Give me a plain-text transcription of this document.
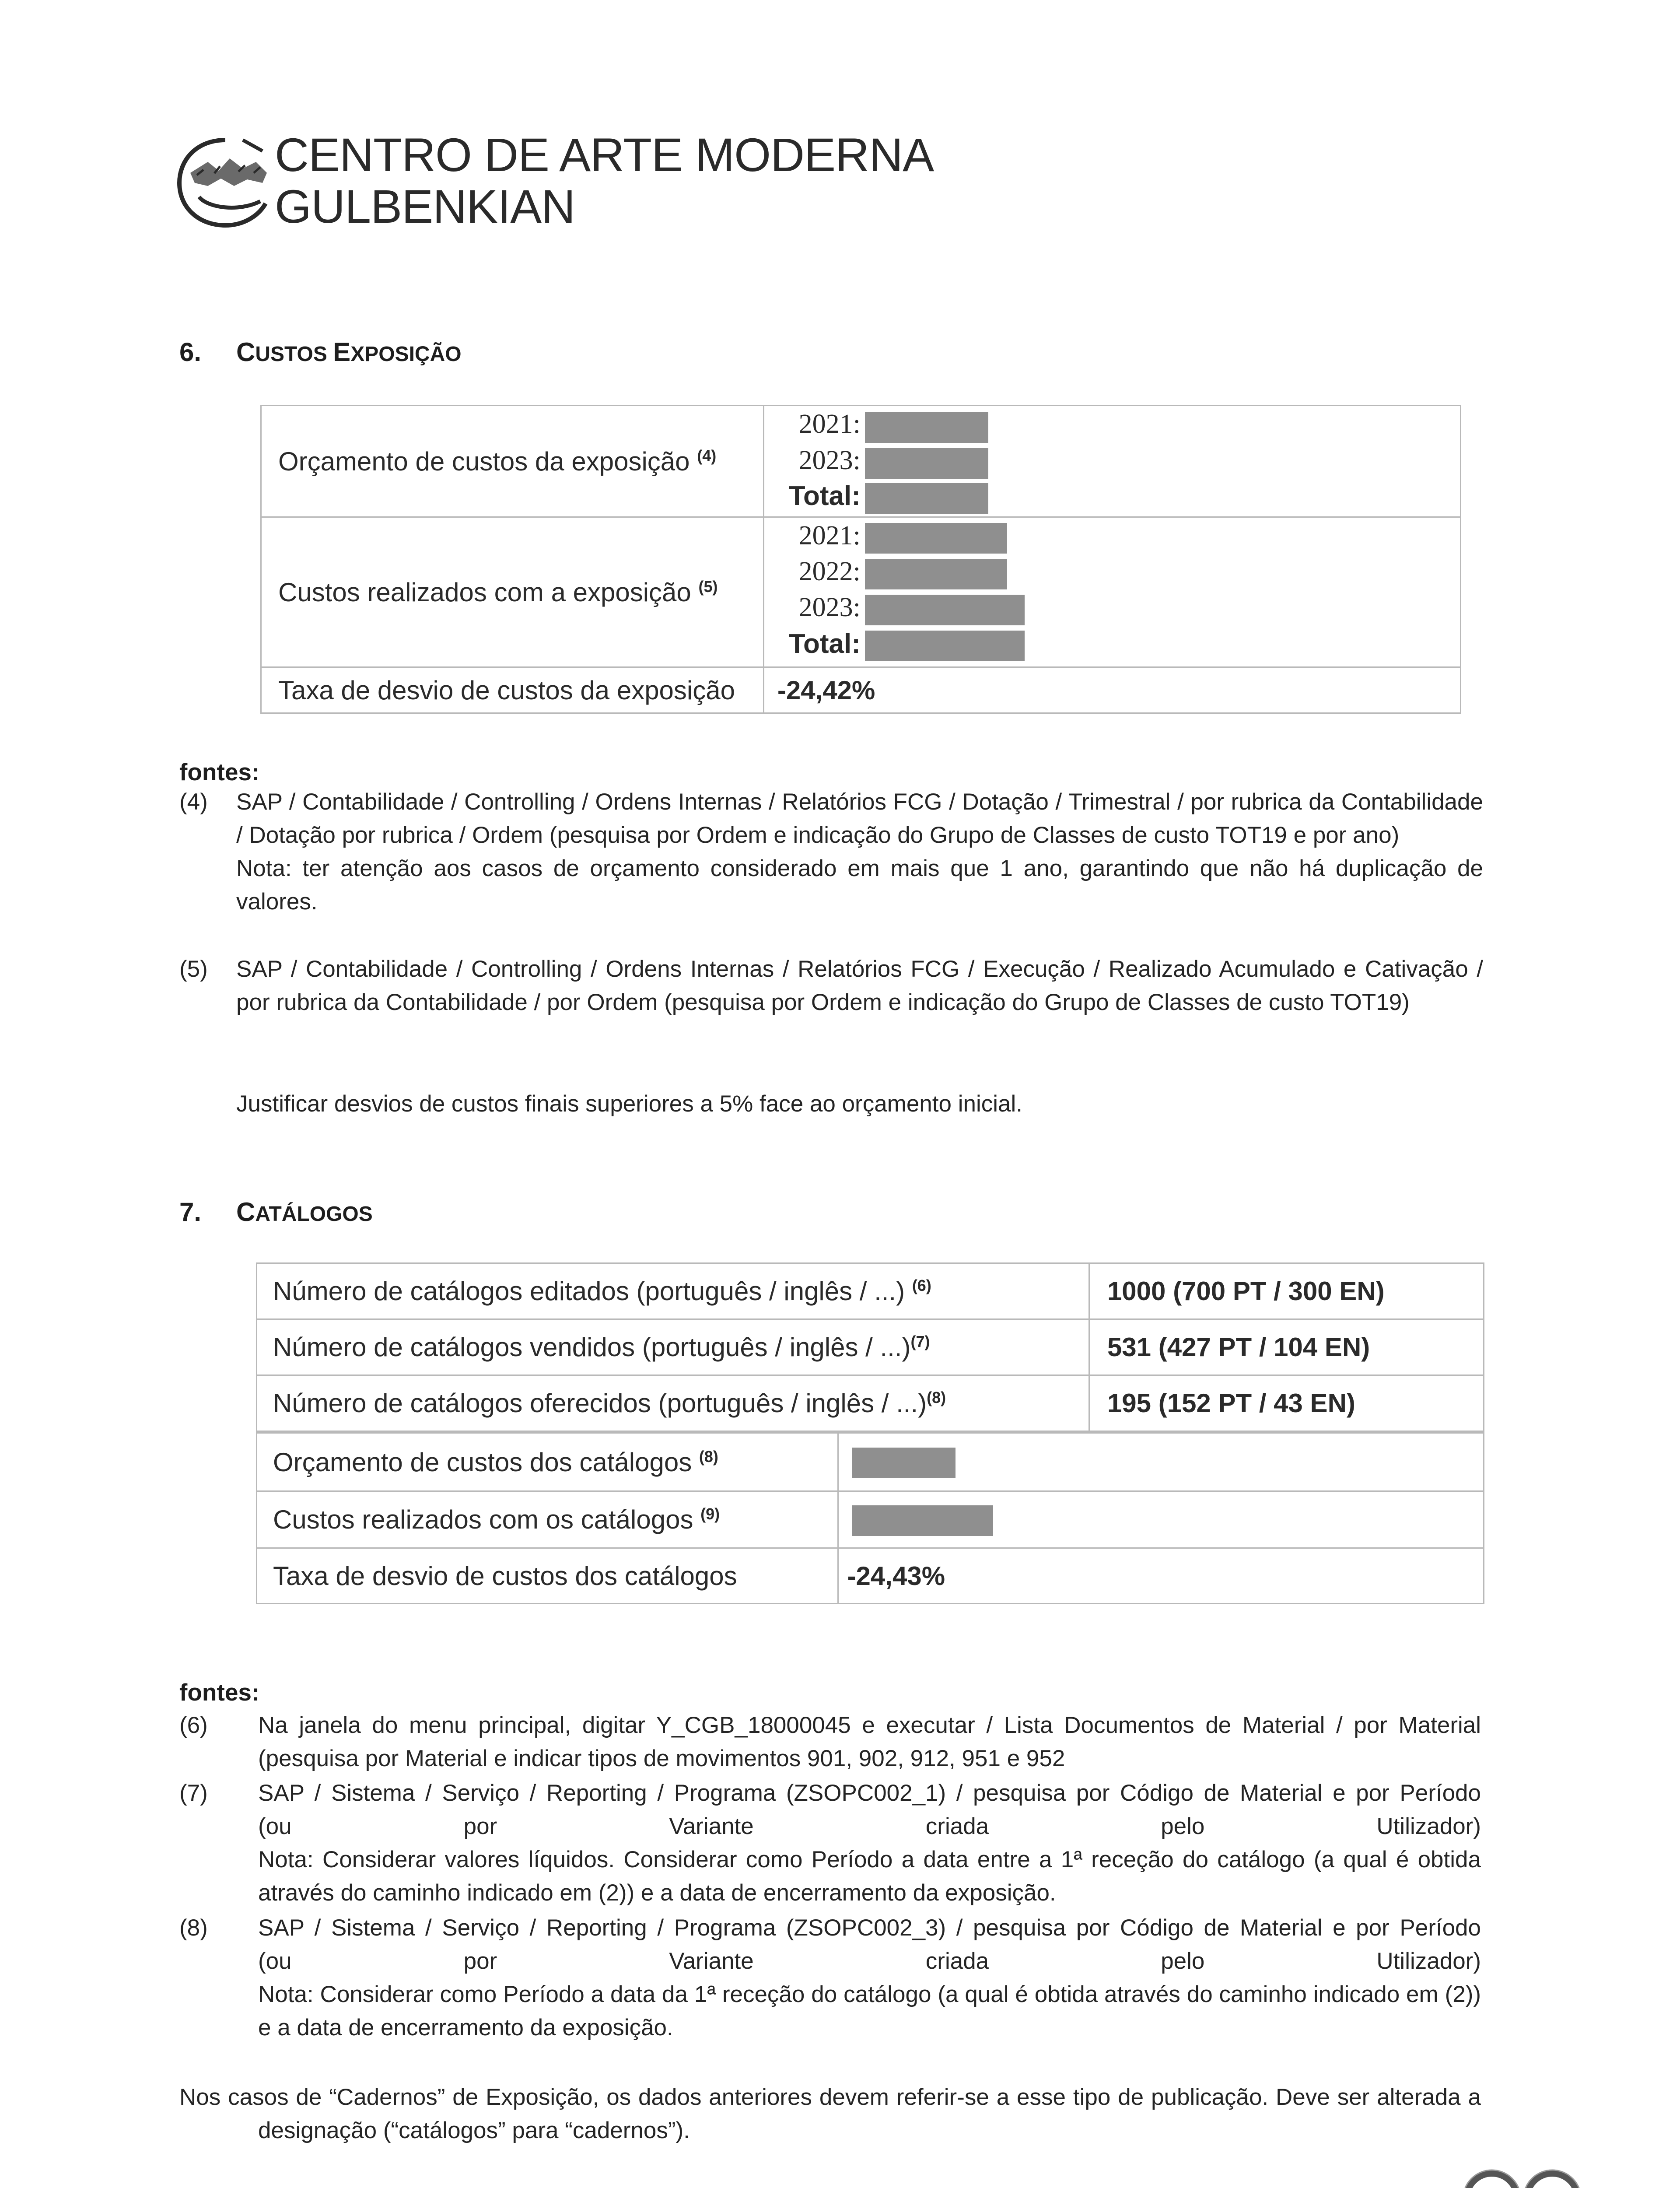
CENTRO DE ARTE MODERNA
GULBENKIAN
6. CUSTOS EXPOSIÇÃO
Orçamento de custos da exposição $^{(4)}$	2021:
2023:
Total:

Custos realizados com a exposição $^{(5)}$	2021:
2022:
2023:
Total:

Taxa de desvio de custos da exposição	-24,42%
fontes:
(4) SAP / Contabilidade / Controlling / Ordens Internas / Relatórios FCG / Dotação / Trimestral / por rubrica da Contabilidade / Dotação por rubrica / Ordem (pesquisa por Ordem e indicação do Grupo de Classes de custo TOT19 e por ano)
Nota: ter atenção aos casos de orçamento considerado em mais que 1 ano, garantindo que não há duplicação de valores.
(5) SAP / Contabilidade / Controlling / Ordens Internas / Relatórios FCG / Execução / Realizado Acumulado e Cativação / por rubrica da Contabilidade / por Ordem (pesquisa por Ordem e indicação do Grupo de Classes de custo TOT19)
Justificar desvios de custos finais superiores a 5% face ao orçamento inicial.
7. CATÁLOGOS
Número de catálogos editados (português / inglês / ...) $^{(6)}$	1000 (700 PT / 300 EN)
Número de catálogos vendidos (português / inglês / ...)$^{(7)}$	531 (427 PT / 104 EN)
Número de catálogos oferecidos (português / inglês / ...)$^{(8)}$	195 (152 PT / 43 EN)
Orçamento de custos dos catálogos $^{(8)}$	
Custos realizados com os catálogos $^{(9)}$	
Taxa de desvio de custos dos catálogos	-24,43%
fontes:
(6) Na janela do menu principal, digitar Y_CGB_18000045 e executar / Lista Documentos de Material / por Material (pesquisa por Material e indicar tipos de movimentos 901, 902, 912, 951 e 952
(7) SAP / Sistema / Serviço / Reporting / Programa (ZSOPC002_1) / pesquisa por Código de Material e por Período
(ou por Variante criada pelo Utilizador)
Nota: Considerar valores líquidos. Considerar como Período a data entre a 1ª receção do catálogo (a qual é obtida através do caminho indicado em (2)) e a data de encerramento da exposição.
(8) SAP / Sistema / Serviço / Reporting / Programa (ZSOPC002_3) / pesquisa por Código de Material e por Período
(ou por Variante criada pelo Utilizador)
Nota: Considerar como Período a data da 1ª receção do catálogo (a qual é obtida através do caminho indicado em (2)) e a data de encerramento da exposição.
Nos casos de “Cadernos” de Exposição, os dados anteriores devem referir-se a esse tipo de publicação. Deve ser alterada a designação (“catálogos” para “cadernos”).
